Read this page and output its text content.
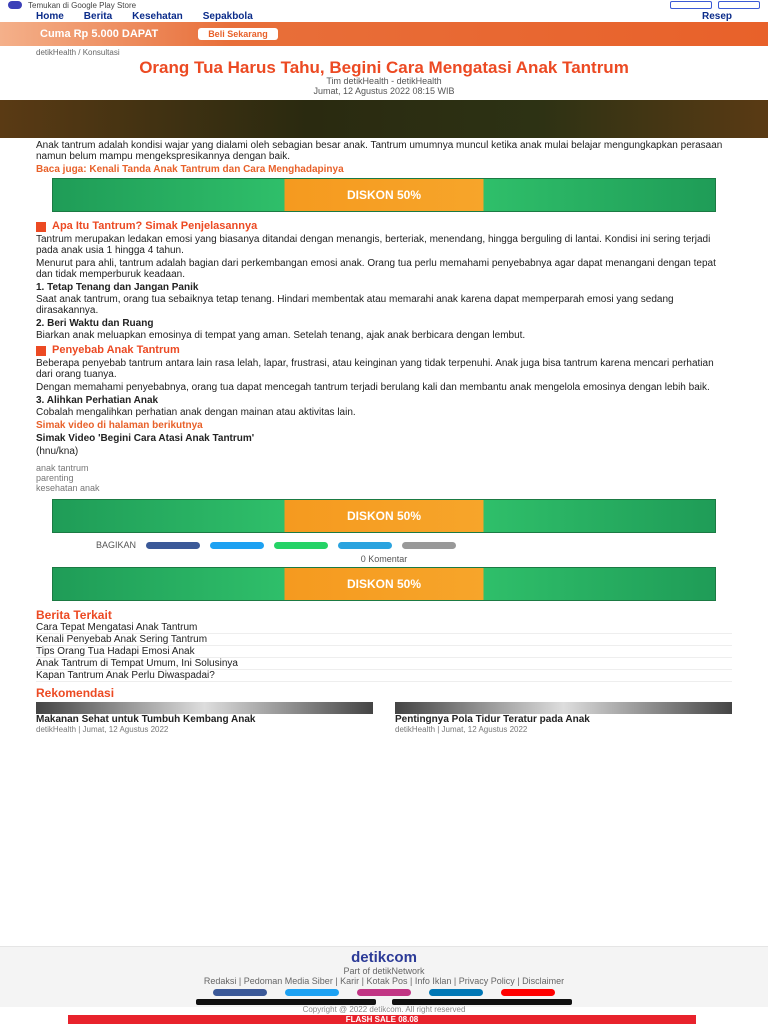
Temukan di Google Play Store
Home Berita Kesehatan Sepakbola	Resep
Cuma Rp 5.000 DAPAT	Beli Sekarang
detikHealth / Konsultasi
Orang Tua Harus Tahu, Begini Cara Mengatasi Anak Tantrum
Tim detikHealth - detikHealth
Jumat, 12 Agustus 2022 08:15 WIB

Anak tantrum adalah kondisi wajar yang dialami oleh sebagian besar anak. Tantrum umumnya muncul ketika anak mulai belajar mengungkapkan perasaan namun belum mampu mengekspresikannya dengan baik.

Baca juga: Kenali Tanda Anak Tantrum dan Cara Menghadapinya

DISKON 50%
Apa Itu Tantrum? Simak Penjelasannya

Tantrum merupakan ledakan emosi yang biasanya ditandai dengan menangis, berteriak, menendang, hingga berguling di lantai. Kondisi ini sering terjadi pada anak usia 1 hingga 4 tahun.

Menurut para ahli, tantrum adalah bagian dari perkembangan emosi anak. Orang tua perlu memahami penyebabnya agar dapat menangani dengan tepat dan tidak memperburuk keadaan.

1. Tetap Tenang dan Jangan Panik

Saat anak tantrum, orang tua sebaiknya tetap tenang. Hindari membentak atau memarahi anak karena dapat memperparah emosi yang sedang dirasakannya.

2. Beri Waktu dan Ruang

Biarkan anak meluapkan emosinya di tempat yang aman. Setelah tenang, ajak anak berbicara dengan lembut.

Penyebab Anak Tantrum

Beberapa penyebab tantrum antara lain rasa lelah, lapar, frustrasi, atau keinginan yang tidak terpenuhi. Anak juga bisa tantrum karena mencari perhatian dari orang tuanya.

Dengan memahami penyebabnya, orang tua dapat mencegah tantrum terjadi berulang kali dan membantu anak mengelola emosinya dengan lebih baik.

3. Alihkan Perhatian Anak

Cobalah mengalihkan perhatian anak dengan mainan atau aktivitas lain.

Simak video di halaman berikutnya

Simak Video 'Begini Cara Atasi Anak Tantrum'

(hnu/kna)

anak tantrum
parenting
kesehatan anak
DISKON 50%
BAGIKAN
0 Komentar
DISKON 50%
Berita Terkait
Cara Tepat Mengatasi Anak Tantrum
Kenali Penyebab Anak Sering Tantrum
Tips Orang Tua Hadapi Emosi Anak
Anak Tantrum di Tempat Umum, Ini Solusinya
Kapan Tantrum Anak Perlu Diwaspadai?
Rekomendasi
Makanan Sehat untuk Tumbuh Kembang Anak
detikHealth | Jumat, 12 Agustus 2022
Pentingnya Pola Tidur Teratur pada Anak
detikHealth | Jumat, 12 Agustus 2022
detikcom
Part of detikNetwork
Redaksi | Pedoman Media Siber | Karir | Kotak Pos | Info Iklan | Privacy Policy | Disclaimer
Copyright @ 2022 detikcom. All right reserved
FLASH SALE 08.08
